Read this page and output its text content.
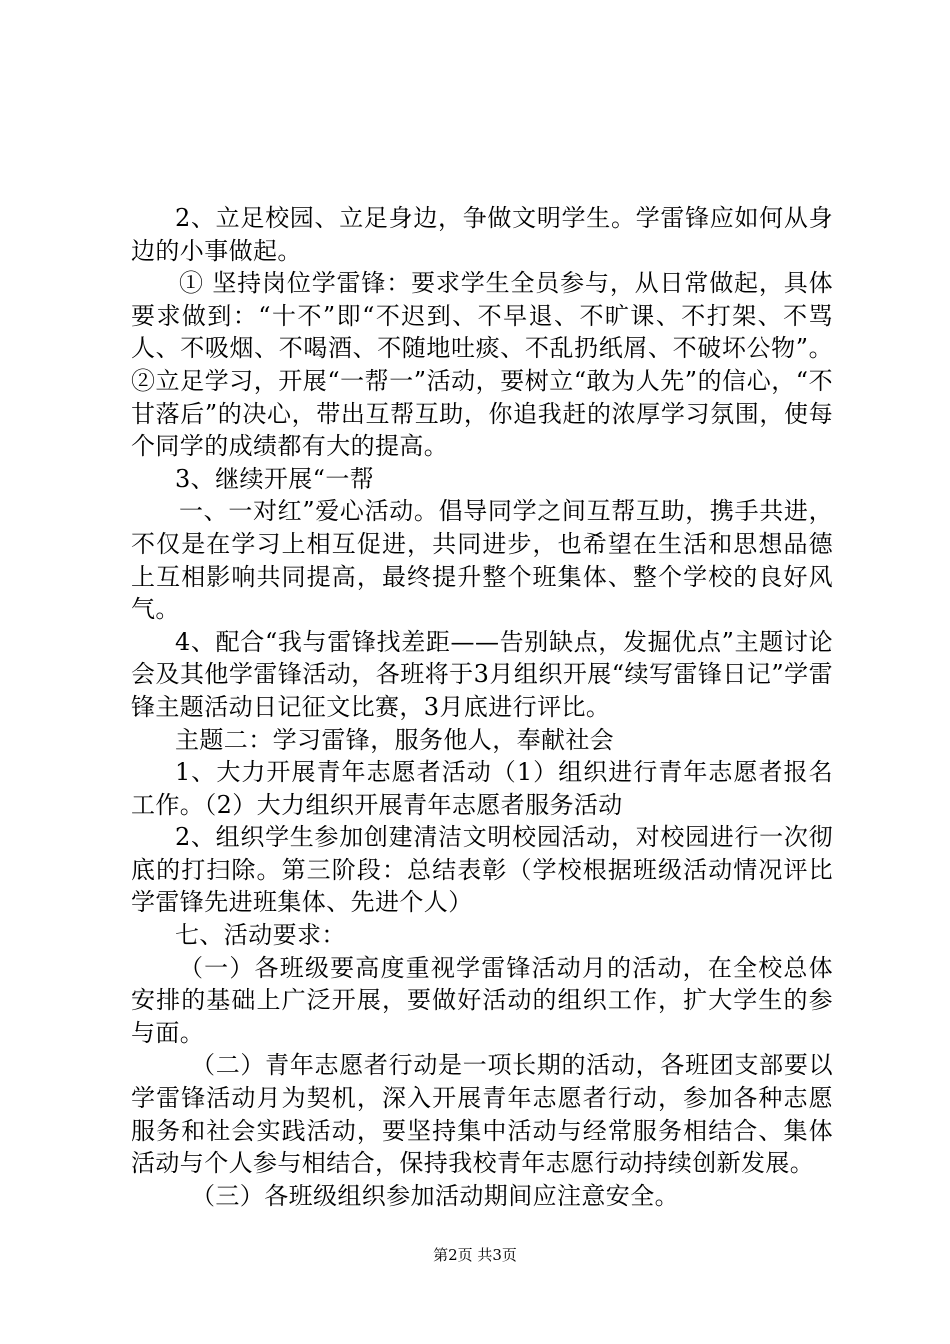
2、立足校园、立足身边，争做文明学生。学雷锋应如何从身边的小事做起。

① 坚持岗位学雷锋：要求学生全员参与，从日常做起，具体要求做到：“十不”即“不迟到、不早退、不旷课、不打架、不骂人、不吸烟、不喝酒、不随地吐痰、不乱扔纸屑、不破坏公物”。②立足学习，开展“一帮一”活动，要树立“敢为人先”的信心，“不甘落后”的决心，带出互帮互助，你追我赶的浓厚学习氛围，使每个同学的成绩都有大的提高。

3、继续开展“一帮

一、一对红”爱心活动。倡导同学之间互帮互助，携手共进，不仅是在学习上相互促进，共同进步，也希望在生活和思想品德上互相影响共同提高，最终提升整个班集体、整个学校的良好风气。

4、配合“我与雷锋找差距——告别缺点，发掘优点”主题讨论会及其他学雷锋活动，各班将于3月组织开展“续写雷锋日记”学雷锋主题活动日记征文比赛，3月底进行评比。

主题二：学习雷锋，服务他人，奉献社会

1、大力开展青年志愿者活动（1）组织进行青年志愿者报名工作。（2）大力组织开展青年志愿者服务活动

2、组织学生参加创建清洁文明校园活动，对校园进行一次彻底的打扫除。第三阶段：总结表彰（学校根据班级活动情况评比学雷锋先进班集体、先进个人）

七、活动要求：

（一）各班级要高度重视学雷锋活动月的活动，在全校总体安排的基础上广泛开展，要做好活动的组织工作，扩大学生的参与面。

（二）青年志愿者行动是一项长期的活动，各班团支部要以学雷锋活动月为契机，深入开展青年志愿者行动，参加各种志愿服务和社会实践活动，要坚持集中活动与经常服务相结合、集体活动与个人参与相结合，保持我校青年志愿行动持续创新发展。

（三）各班级组织参加活动期间应注意安全。

第2页 共3页
